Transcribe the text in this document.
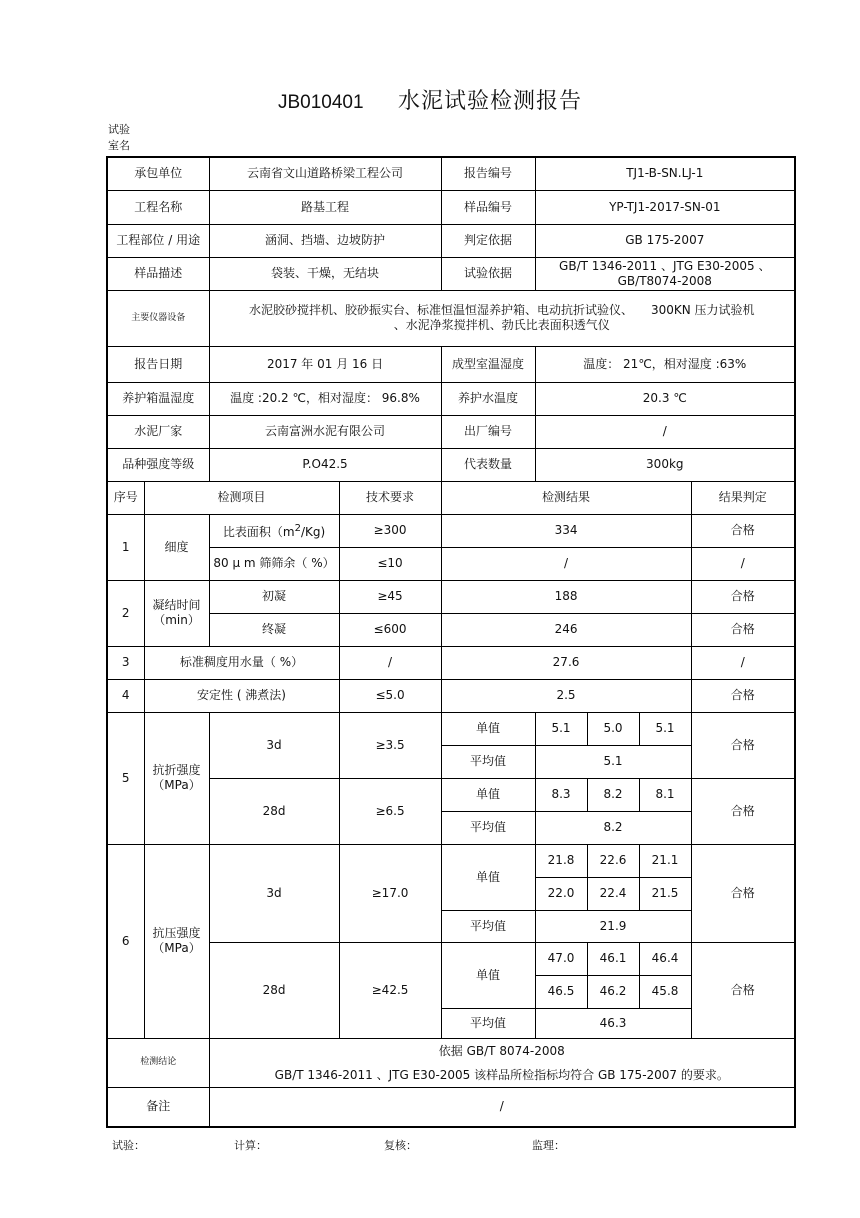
JB010401 水泥试验检测报告
试验
室名
承包单位		云南省文山道路桥梁工程公司		报告编号	TJ1-B-SN.LJ-1			
工程名称		路基工程		样品编号	YP-TJ1-2017-SN-01			
工程部位 / 用途		涵洞、挡墙、边坡防护		判定依据	GB 175-2007			
样品描述		袋装、干燥，无结块		试验依据	GB/T 1346-2011 、JTG E30-2005 、
GB/T8074-2008			

主要仪器设备		水泥胶砂搅拌机、胶砂振实台、标准恒温恒湿养护箱、电动抗折试验仪、　　300KN 压力试验机
、水泥净浆搅拌机、勃氏比表面积透气仪						

报告日期		2017 年 01 月 16 日		成型室温湿度	温度： 21℃，相对湿度 :63%			
养护箱温湿度		温度 :20.2 ℃，相对湿度： 96.8%		养护水温度	20.3 ℃			
水泥厂家		云南富洲水泥有限公司		出厂编号	/			
品种强度等级		P.O42.5		代表数量	300kg			
序号	检测项目		技术要求	检测结果				结果判定
1	细度	比表面积$(m^2/Kg)$	≥300	334				合格
		80 μ m 筛筛余（ %）	≤10	/				/
2	凝结时间
（min）	初凝	≥45	188				合格
		终凝	≤600	246				合格
3	标准稠度用水量（ %）		/	27.6				/
4	安定性 ( 沸煮法)		≤5.0	2.5				合格
5	抗折强度
（MPa）	3d	≥3.5	单值	5.1	5.0	5.1	合格
				平均值	5.1			
		28d	≥6.5	单值	8.3	8.2	8.1	合格
				平均值	8.2			
6	抗压强度
（MPa）	3d	≥17.0	单值	21.8	22.6	21.1	合格
					22.0	22.4	21.5	
				平均值	21.9			
		28d	≥42.5	单值	47.0	46.1	46.4	合格
					46.5	46.2	45.8	
				平均值	46.3			
检测结论		依据 GB/T 8074-2008
GB/T 1346-2011 、JTG E30-2005 该样品所检指标均符合 GB 175-2007 的要求。						

备注		/						
试验：	计算：	复核：	监理：
